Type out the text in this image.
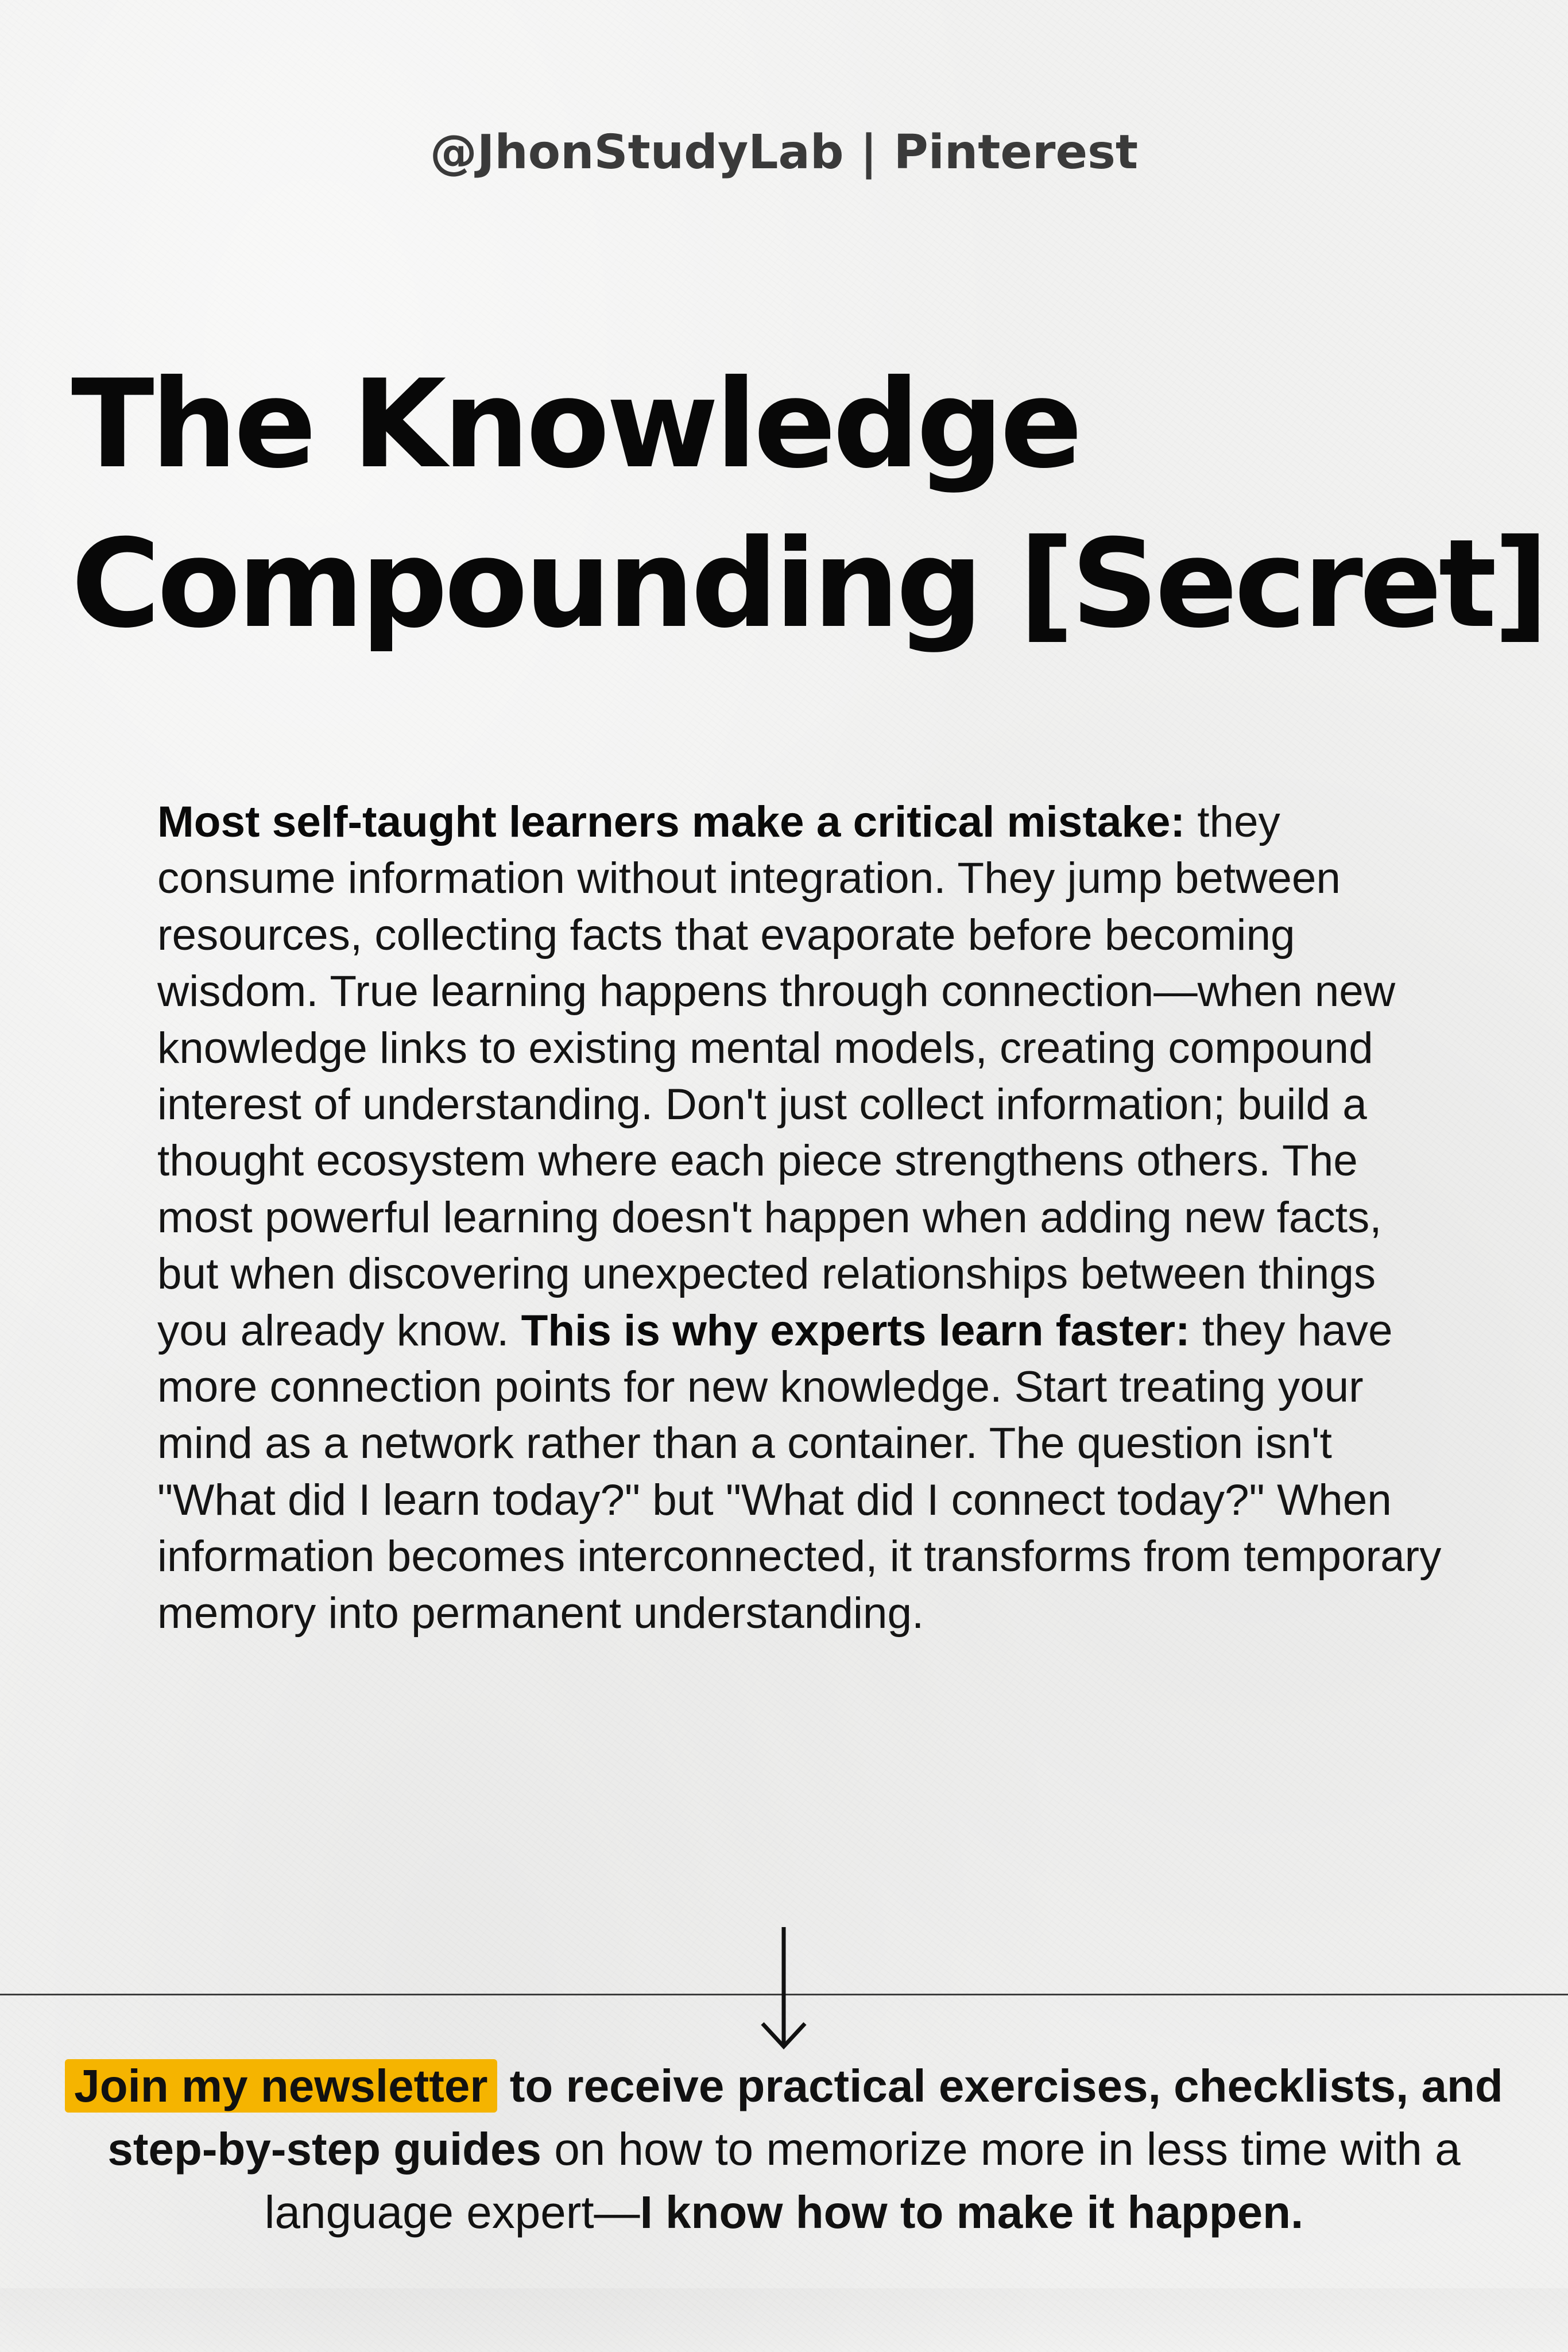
@JhonStudyLab | Pinterest
The Knowledge
Compounding [Secret]

Most self-taught learners make a critical mistake: they consume information without integration. They jump between resources, collecting facts that evaporate before becoming wisdom. True learning happens through connection—when new knowledge links to existing mental models, creating compound interest of understanding. Don't just collect information; build a thought ecosystem where each piece strengthens others. The most powerful learning doesn't happen when adding new facts, but when discovering unexpected relationships between things you already know. This is why experts learn faster: they have more connection points for new knowledge. Start treating your mind as a network rather than a container. The question isn't "What did I learn today?" but "What did I connect today?" When information becomes interconnected, it transforms from temporary memory into permanent understanding.

Join my newsletter to receive practical exercises, checklists, and step-by-step guides on how to memorize more in less time with a language expert—I know how to make it happen.
